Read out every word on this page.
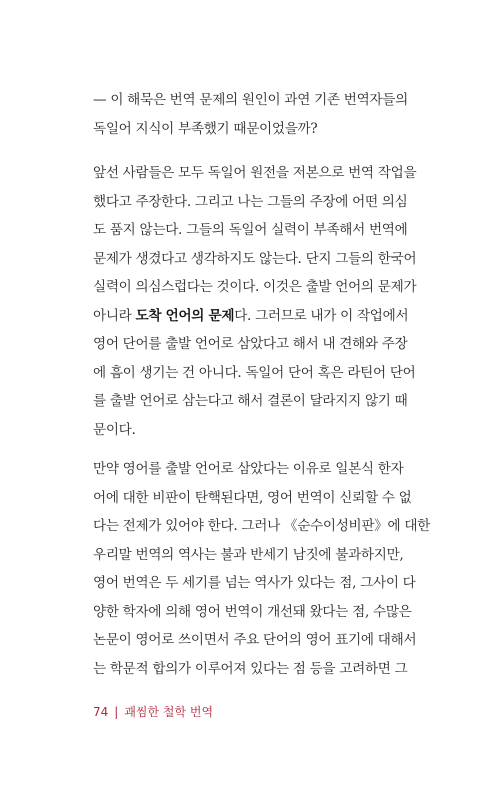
— 이 해묵은 번역 문제의 원인이 과연 기존 번역자들의
독일어 지식이 부족했기 때문이었을까?
앞선 사람들은 모두 독일어 원전을 저본으로 번역 작업을
했다고 주장한다. 그리고 나는 그들의 주장에 어떤 의심
도 품지 않는다. 그들의 독일어 실력이 부족해서 번역에
문제가 생겼다고 생각하지도 않는다. 단지 그들의 한국어
실력이 의심스럽다는 것이다. 이것은 출발 언어의 문제가
아니라 도착 언어의 문제다. 그러므로 내가 이 작업에서
영어 단어를 출발 언어로 삼았다고 해서 내 견해와 주장
에 흠이 생기는 건 아니다. 독일어 단어 혹은 라틴어 단어
를 출발 언어로 삼는다고 해서 결론이 달라지지 않기 때
문이다.
만약 영어를 출발 언어로 삼았다는 이유로 일본식 한자
어에 대한 비판이 탄핵된다면, 영어 번역이 신뢰할 수 없
다는 전제가 있어야 한다. 그러나 《순수이성비판》에 대한
우리말 번역의 역사는 불과 반세기 남짓에 불과하지만,
영어 번역은 두 세기를 넘는 역사가 있다는 점, 그사이 다
양한 학자에 의해 영어 번역이 개선돼 왔다는 점, 수많은
논문이 영어로 쓰이면서 주요 단어의 영어 표기에 대해서
는 학문적 합의가 이루어져 있다는 점 등을 고려하면 그
74 | 괘씸한 철학 번역
